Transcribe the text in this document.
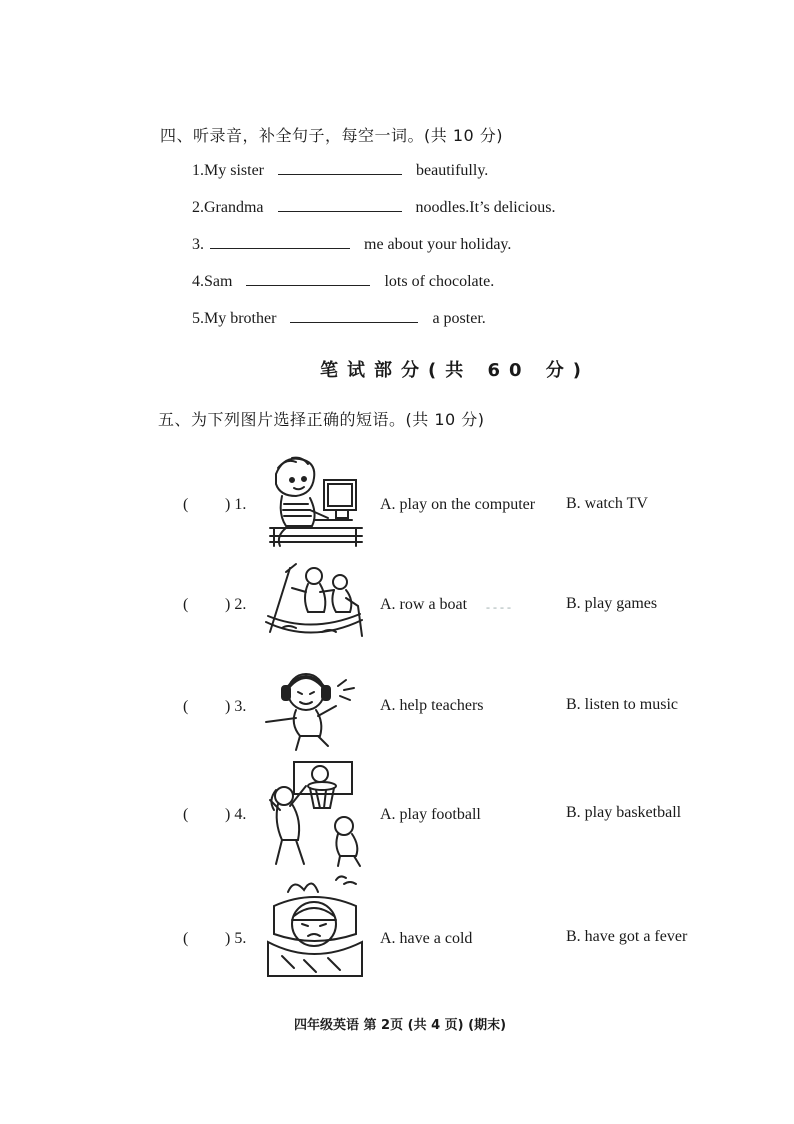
四、听录音，补全句子，每空一词。(共 10 分)
1.My sister	beautifully.
2.Grandma	noodles.It’s delicious.
3.	me about your holiday.
4.Sam	lots of chocolate.
5.My brother	a poster.
笔试部分(共 60 分)
五、为下列图片选择正确的短语。(共 10 分)
( ) 1.	A. play on the computer B. watch TV
( ) 2.	A. row a boat - - - -	B. play games
( ) 3.	A. help teachers	B. listen to music
( ) 4.	A. play football	B. play basketball
( ) 5.	A. have a cold	B. have got a fever
四年级英语 第 2页 (共 4 页) (期末)
